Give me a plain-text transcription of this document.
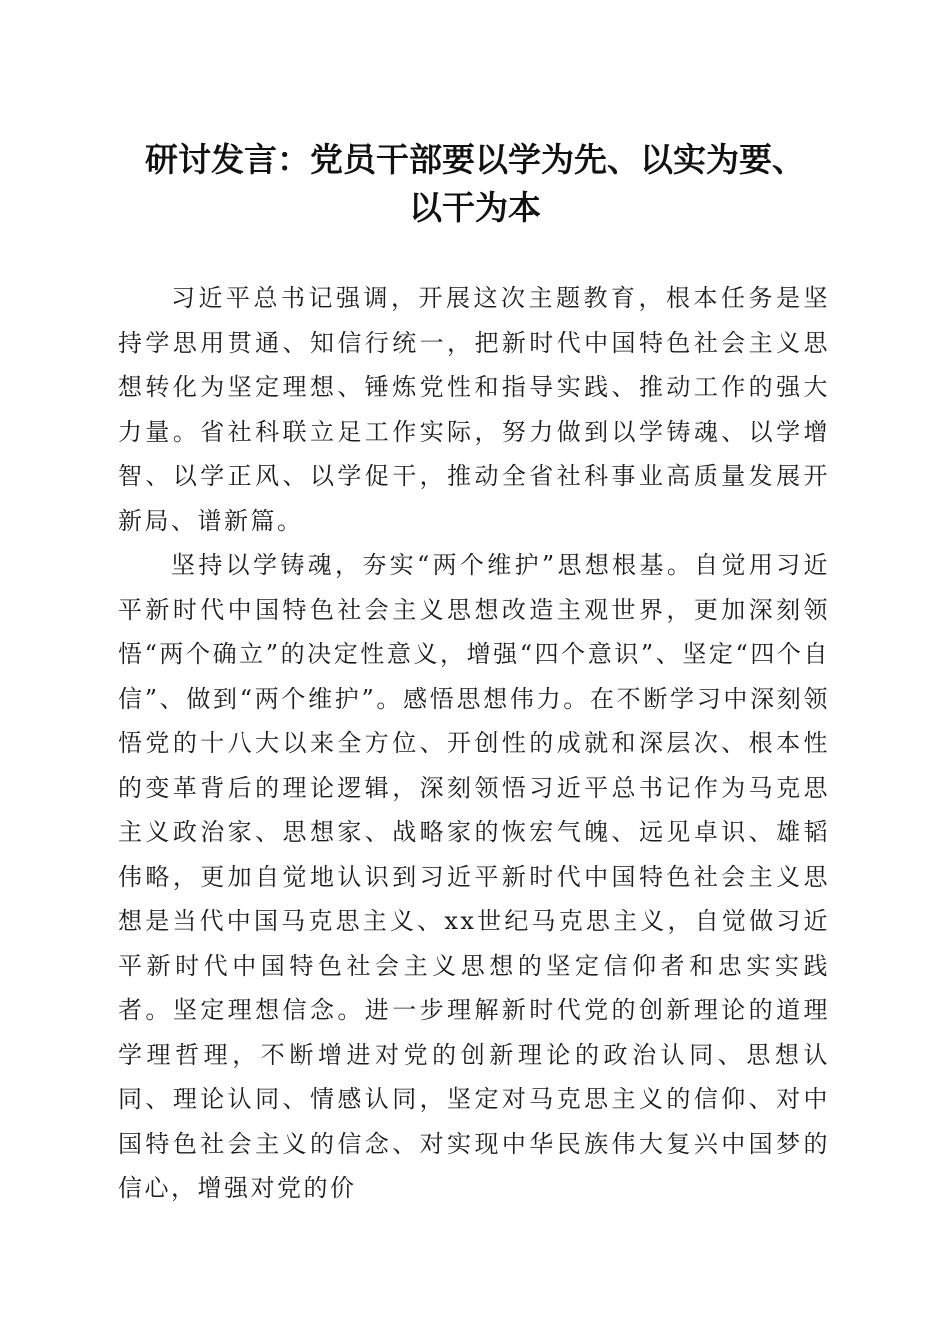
研讨发言：党员干部要以学为先、以实为要、
以干为本

习近平总书记强调，开展这次主题教育，根本任务是坚持学思用贯通、知信行统一，把新时代中国特色社会主义思想转化为坚定理想、锤炼党性和指导实践、推动工作的强大力量。省社科联立足工作实际，努力做到以学铸魂、以学增智、以学正风、以学促干，推动全省社科事业高质量发展开新局、谱新篇。

坚持以学铸魂，夯实“两个维护”思想根基。自觉用习近平新时代中国特色社会主义思想改造主观世界，更加深刻领悟“两个确立”的决定性意义，增强“四个意识”、坚定“四个自信”、做到“两个维护”。感悟思想伟力。在不断学习中深刻领悟党的十八大以来全方位、开创性的成就和深层次、根本性的变革背后的理论逻辑，深刻领悟习近平总书记作为马克思主义政治家、思想家、战略家的恢宏气魄、远见卓识、雄韬伟略，更加自觉地认识到习近平新时代中国特色社会主义思想是当代中国马克思主义、xx世纪马克思主义，自觉做习近平新时代中国特色社会主义思想的坚定信仰者和忠实实践者。坚定理想信念。进一步理解新时代党的创新理论的道理学理哲理，不断增进对党的创新理论的政治认同、思想认同、理论认同、情感认同，坚定对马克思主义的信仰、对中国特色社会主义的信念、对实现中华民族伟大复兴中国梦的信心，增强对党的价
